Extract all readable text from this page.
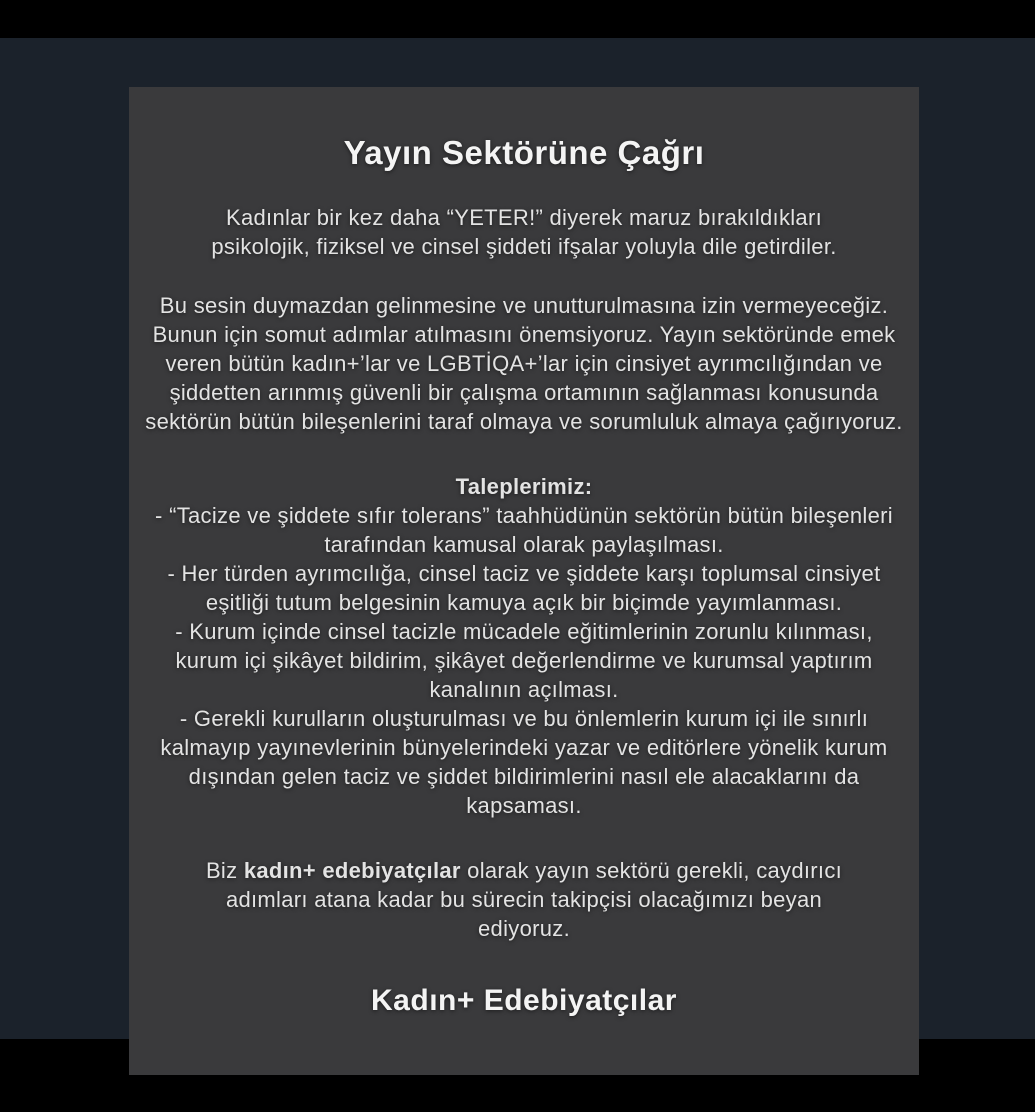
Yayın Sektörüne Çağrı

Kadınlar bir kez daha “YETER!” diyerek maruz bırakıldıkları psikolojik, fiziksel ve cinsel şiddeti ifşalar yoluyla dile getirdiler.

Bu sesin duymazdan gelinmesine ve unutturulmasına izin vermeyeceğiz. Bunun için somut adımlar atılmasını önemsiyoruz. Yayın sektöründe emek veren bütün kadın+’lar ve LGBTİQA+’lar için cinsiyet ayrımcılığından ve şiddetten arınmış güvenli bir çalışma ortamının sağlanması konusunda sektörün bütün bileşenlerini taraf olmaya ve sorumluluk almaya çağırıyoruz.

Taleplerimiz:

- “Tacize ve şiddete sıfır tolerans” taahhüdünün sektörün bütün bileşenleri tarafından kamusal olarak paylaşılması.

- Her türden ayrımcılığa, cinsel taciz ve şiddete karşı toplumsal cinsiyet eşitliği tutum belgesinin kamuya açık bir biçimde yayımlanması.

- Kurum içinde cinsel tacizle mücadele eğitimlerinin zorunlu kılınması, kurum içi şikâyet bildirim, şikâyet değerlendirme ve kurumsal yaptırım kanalının açılması.

- Gerekli kurulların oluşturulması ve bu önlemlerin kurum içi ile sınırlı kalmayıp yayınevlerinin bünyelerindeki yazar ve editörlere yönelik kurum dışından gelen taciz ve şiddet bildirimlerini nasıl ele alacaklarını da kapsaması.

Biz kadın+ edebiyatçılar olarak yayın sektörü gerekli, caydırıcı adımları atana kadar bu sürecin takipçisi olacağımızı beyan ediyoruz.

Kadın+ Edebiyatçılar
